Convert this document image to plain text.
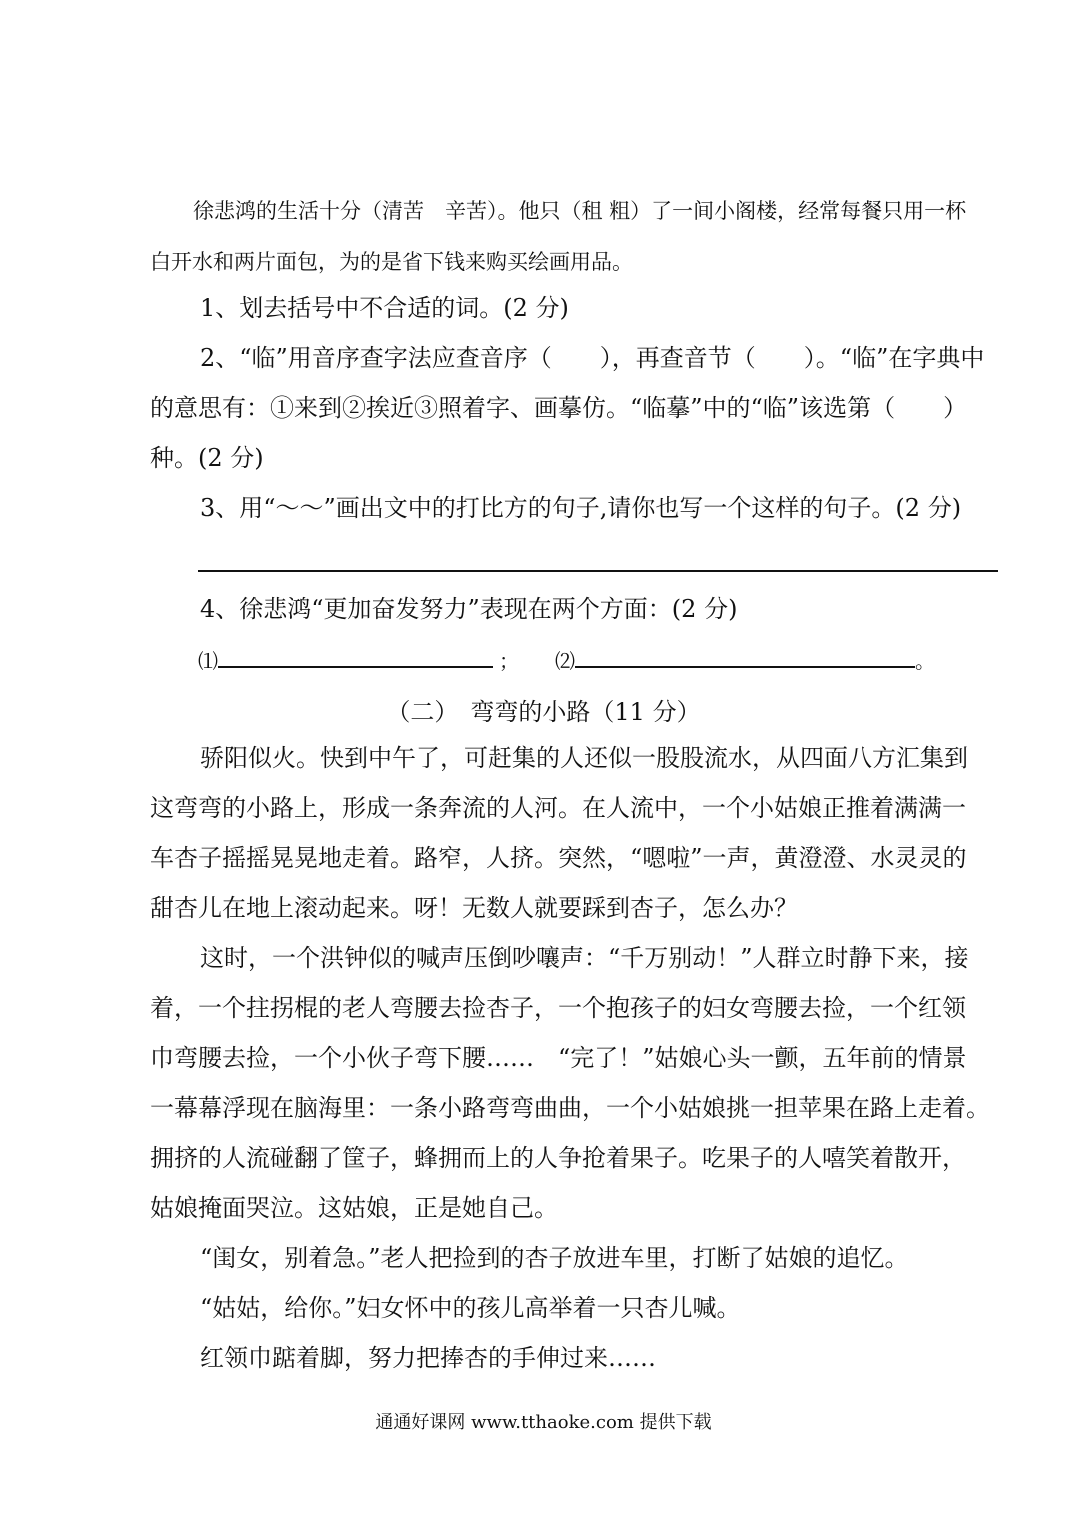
徐悲鸿的生活十分（清苦　辛苦）。他只（租 粗）了一间小阁楼，经常每餐只用一杯
白开水和两片面包，为的是省下钱来购买绘画用品。
1、划去括号中不合适的词。(2 分)
2、“临”用音序查字法应查音序（　　），再查音节（　　）。“临”在字典中
的意思有：①来到②挨近③照着字、画摹仿。“临摹”中的“临”该选第（　　）
种。(2 分)
3、用“～～”画出文中的打比方的句子,请你也写一个这样的句子。(2 分)
4、徐悲鸿“更加奋发努力”表现在两个方面：(2 分)
⑴	； ⑵	。
（二）　弯弯的小路（11 分）
骄阳似火。快到中午了，可赶集的人还似一股股流水，从四面八方汇集到
这弯弯的小路上，形成一条奔流的人河。在人流中，一个小姑娘正推着满满一
车杏子摇摇晃晃地走着。路窄，人挤。突然，“嗯啦”一声，黄澄澄、水灵灵的
甜杏儿在地上滚动起来。呀！无数人就要踩到杏子，怎么办？
这时，一个洪钟似的喊声压倒吵嚷声：“千万别动！”人群立时静下来，接
着，一个拄拐棍的老人弯腰去捡杏子，一个抱孩子的妇女弯腰去捡，一个红领
巾弯腰去捡，一个小伙子弯下腰……　“完了！”姑娘心头一颤，五年前的情景
一幕幕浮现在脑海里：一条小路弯弯曲曲，一个小姑娘挑一担苹果在路上走着。
拥挤的人流碰翻了筐子，蜂拥而上的人争抢着果子。吃果子的人嘻笑着散开，
姑娘掩面哭泣。这姑娘，正是她自己。
“闺女，别着急。”老人把捡到的杏子放进车里，打断了姑娘的追忆。
“姑姑，给你。”妇女怀中的孩儿高举着一只杏儿喊。
红领巾踮着脚，努力把捧杏的手伸过来……
通通好课网 www.tthaoke.com 提供下载
